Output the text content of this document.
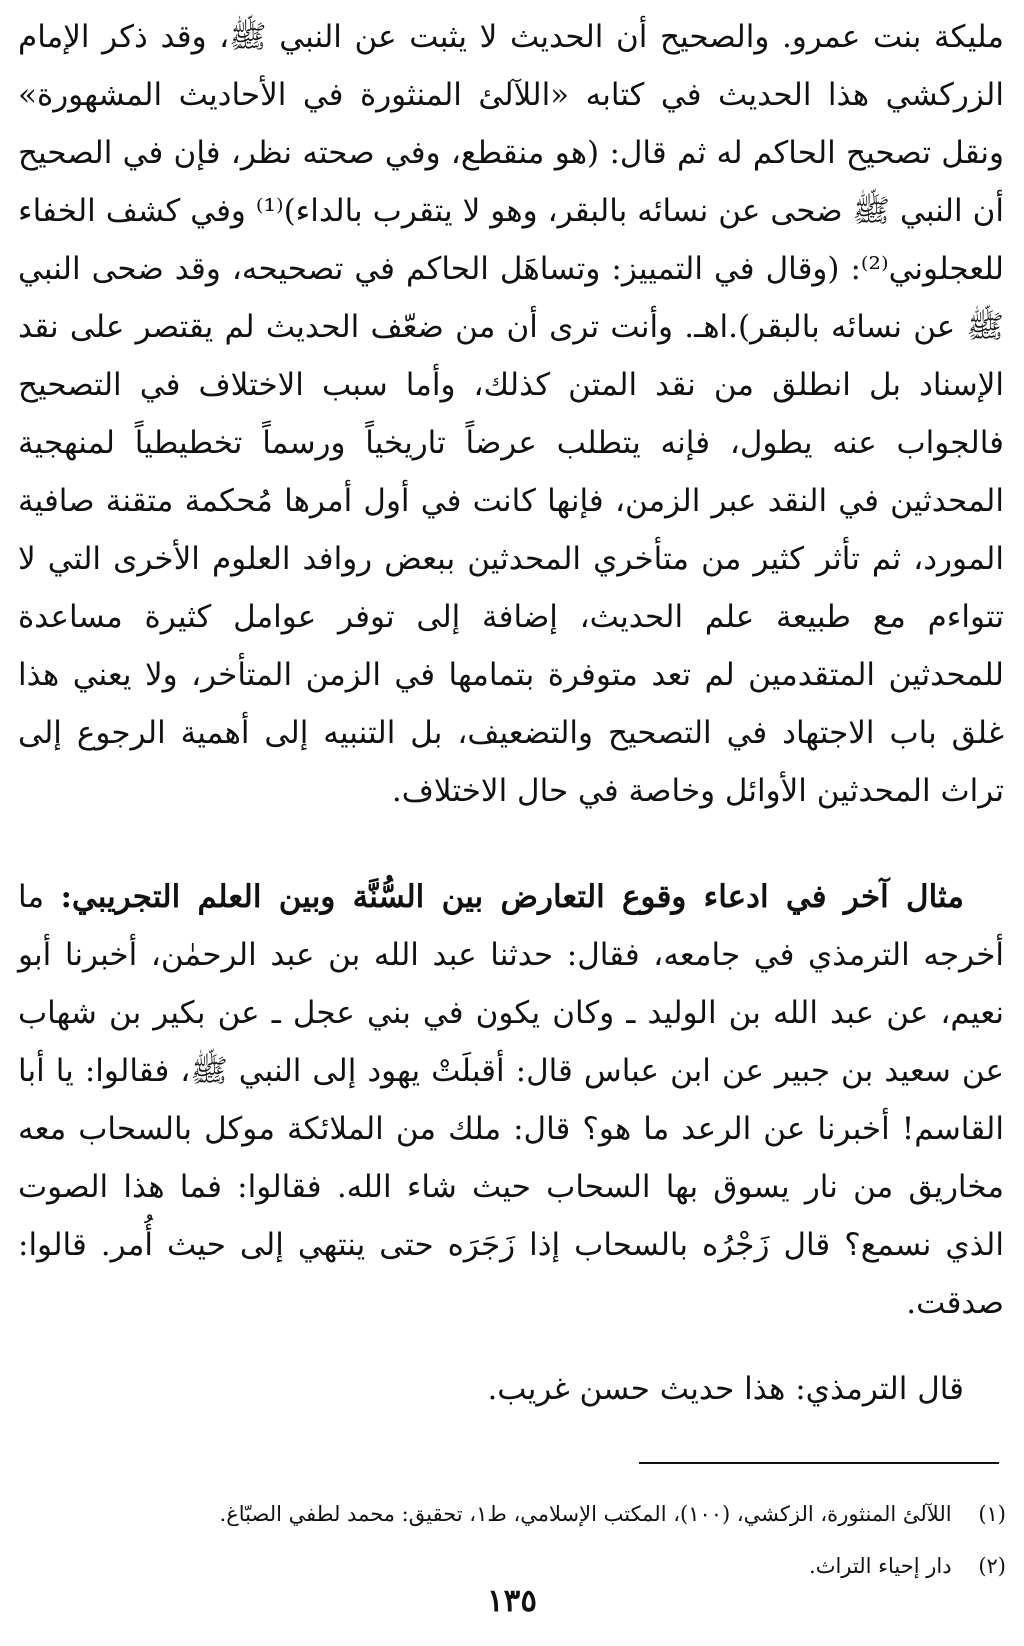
مليكة بنت عمرو. والصحيح أن الحديث لا يثبت عن النبي ﷺ، وقد ذكر الإمام الزركشي هذا الحديث في كتابه «اللآلئ المنثورة في الأحاديث المشهورة» ونقل تصحيح الحاكم له ثم قال: (هو منقطع، وفي صحته نظر، فإن في الصحيح أن النبي ﷺ ضحى عن نسائه بالبقر، وهو لا يتقرب بالداء)⁽¹⁾ وفي كشف الخفاء للعجلوني⁽²⁾: (وقال في التمييز: وتساهَل الحاكم في تصحيحه، وقد ضحى النبي ﷺ عن نسائه بالبقر).اهـ. وأنت ترى أن من ضعّف الحديث لم يقتصر على نقد الإسناد بل انطلق من نقد المتن كذلك، وأما سبب الاختلاف في التصحيح فالجواب عنه يطول، فإنه يتطلب عرضاً تاريخياً ورسماً تخطيطياً لمنهجية المحدثين في النقد عبر الزمن، فإنها كانت في أول أمرها مُحكمة متقنة صافية المورد، ثم تأثر كثير من متأخري المحدثين ببعض روافد العلوم الأخرى التي لا تتواءم مع طبيعة علم الحديث، إضافة إلى توفر عوامل كثيرة مساعدة للمحدثين المتقدمين لم تعد متوفرة بتمامها في الزمن المتأخر، ولا يعني هذا غلق باب الاجتهاد في التصحيح والتضعيف، بل التنبيه إلى أهمية الرجوع إلى تراث المحدثين الأوائل وخاصة في حال الاختلاف.

مثال آخر في ادعاء وقوع التعارض بين السُّنَّة وبين العلم التجريبي: ما أخرجه الترمذي في جامعه، فقال: حدثنا عبد الله بن عبد الرحمٰن، أخبرنا أبو نعيم، عن عبد الله بن الوليد ـ وكان يكون في بني عجل ـ عن بكير بن شهاب عن سعيد بن جبير عن ابن عباس قال: أقبلَتْ يهود إلى النبي ﷺ، فقالوا: يا أبا القاسم! أخبرنا عن الرعد ما هو؟ قال: ملك من الملائكة موكل بالسحاب معه مخاريق من نار يسوق بها السحاب حيث شاء الله. فقالوا: فما هذا الصوت الذي نسمع؟ قال زَجْرُه بالسحاب إذا زَجَرَه حتى ينتهي إلى حيث أُمر. قالوا: صدقت.

قال الترمذي: هذا حديث حسن غريب.

(١)    اللآلئ المنثورة، الزكشي، (١٠٠)، المكتب الإسلامي، ط١، تحقيق: محمد لطفي الصبّاغ.
(٢)    دار إحياء التراث.
١٣٥
